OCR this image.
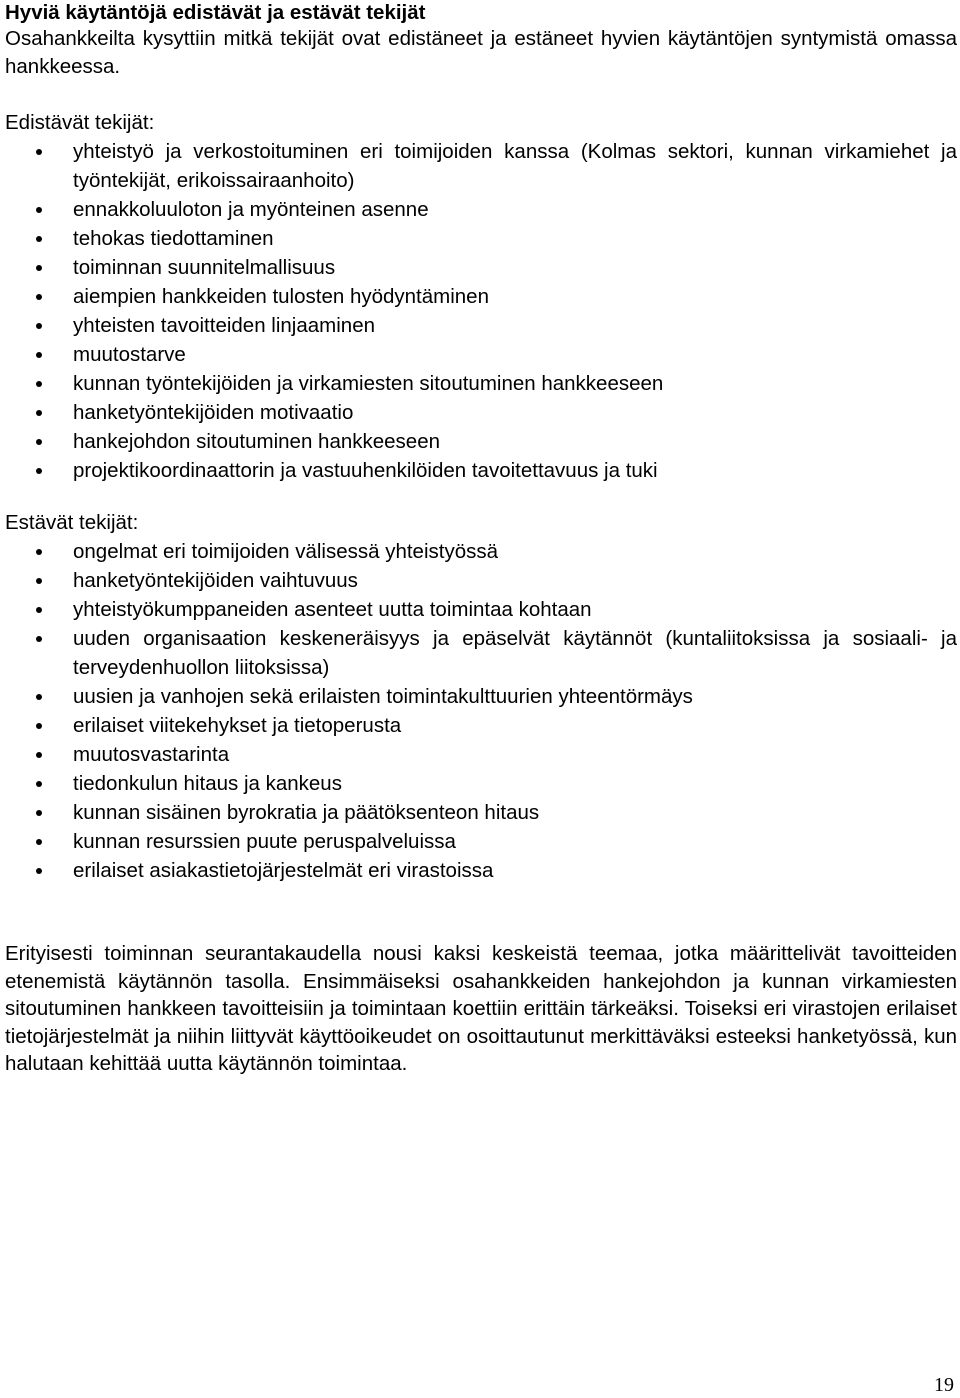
Hyviä käytäntöjä edistävät ja estävät tekijät

Osahankkeilta kysyttiin mitkä tekijät ovat edistäneet ja estäneet hyvien käytäntöjen syntymistä omassa hankkeessa.

Edistävät tekijät:

yhteistyö ja verkostoituminen eri toimijoiden kanssa (Kolmas sektori, kunnan virkamiehet ja työntekijät, erikoissairaanhoito)
ennakkoluuloton ja myönteinen asenne
tehokas tiedottaminen
toiminnan suunnitelmallisuus
aiempien hankkeiden tulosten hyödyntäminen
yhteisten tavoitteiden linjaaminen
muutostarve
kunnan työntekijöiden ja virkamiesten sitoutuminen hankkeeseen
hanketyöntekijöiden motivaatio
hankejohdon sitoutuminen hankkeeseen
projektikoordinaattorin ja vastuuhenkilöiden tavoitettavuus ja tuki

Estävät tekijät:

ongelmat eri toimijoiden välisessä yhteistyössä
hanketyöntekijöiden vaihtuvuus
yhteistyökumppaneiden asenteet uutta toimintaa kohtaan
uuden organisaation keskeneräisyys ja epäselvät käytännöt (kuntaliitoksissa ja sosiaali- ja terveydenhuollon liitoksissa)
uusien ja vanhojen sekä erilaisten toimintakulttuurien yhteentörmäys
erilaiset viitekehykset ja tietoperusta
muutosvastarinta
tiedonkulun hitaus ja kankeus
kunnan sisäinen byrokratia ja päätöksenteon hitaus
kunnan resurssien puute peruspalveluissa
erilaiset asiakastietojärjestelmät eri virastoissa

Erityisesti toiminnan seurantakaudella nousi kaksi keskeistä teemaa, jotka määrittelivät tavoitteiden etenemistä käytännön tasolla. Ensimmäiseksi osahankkeiden hankejohdon ja kunnan virkamiesten sitoutuminen hankkeen tavoitteisiin ja toimintaan koettiin erittäin tärkeäksi. Toiseksi eri virastojen erilaiset tietojärjestelmät ja niihin liittyvät käyttöoikeudet on osoittautunut merkittäväksi esteeksi hanketyössä, kun halutaan kehittää uutta käytännön toimintaa.

19
